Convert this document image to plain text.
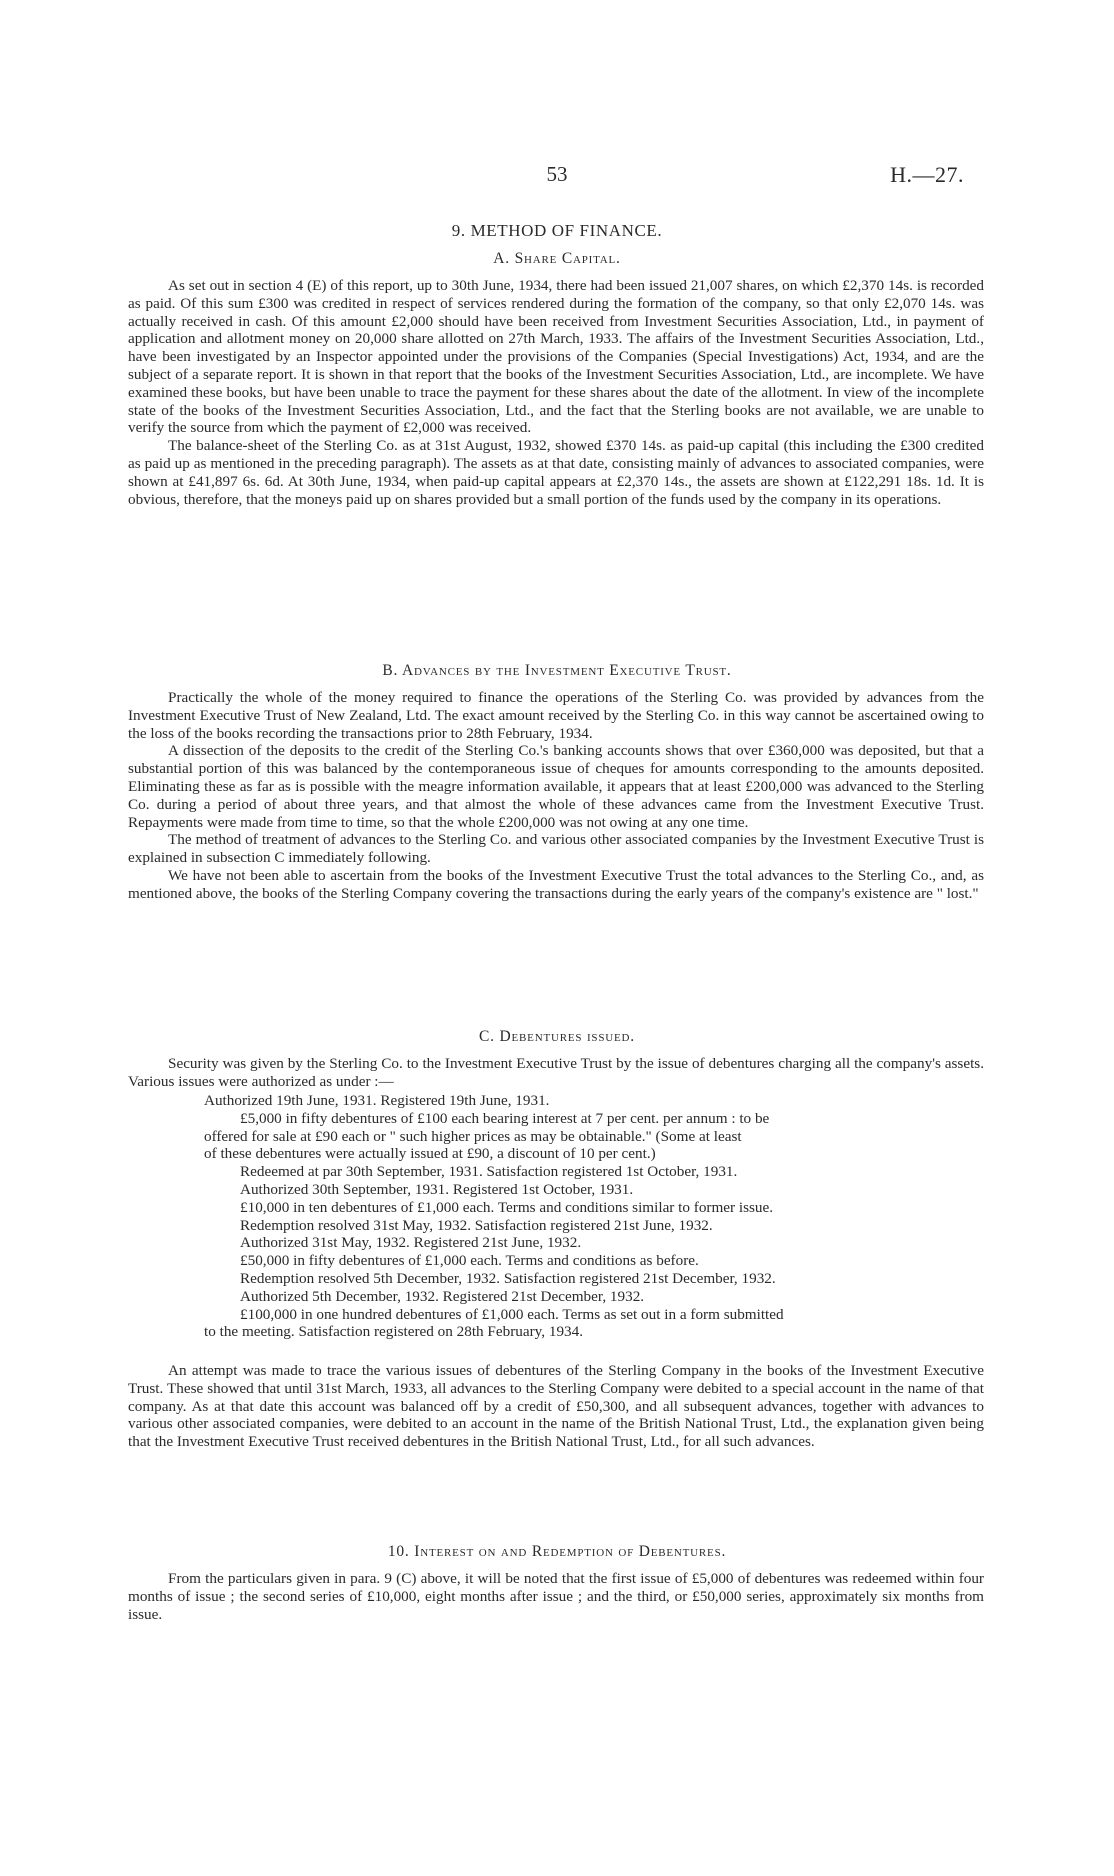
53	H.—27.
9. METHOD OF FINANCE.
A. Share Capital.

As set out in section 4 (E) of this report, up to 30th June, 1934, there had been issued 21,007 shares, on which £2,370 14s. is recorded as paid. Of this sum £300 was credited in respect of services rendered during the formation of the company, so that only £2,070 14s. was actually received in cash. Of this amount £2,000 should have been received from Investment Securities Association, Ltd., in payment of application and allotment money on 20,000 share allotted on 27th March, 1933. The affairs of the Investment Securities Association, Ltd., have been investigated by an Inspector appointed under the provisions of the Companies (Special Investigations) Act, 1934, and are the subject of a separate report. It is shown in that report that the books of the Investment Securities Association, Ltd., are incomplete. We have examined these books, but have been unable to trace the payment for these shares about the date of the allotment. In view of the incomplete state of the books of the Investment Securities Association, Ltd., and the fact that the Sterling books are not available, we are unable to verify the source from which the payment of £2,000 was received.

The balance-sheet of the Sterling Co. as at 31st August, 1932, showed £370 14s. as paid-up capital (this including the £300 credited as paid up as mentioned in the preceding paragraph). The assets as at that date, consisting mainly of advances to associated companies, were shown at £41,897 6s. 6d. At 30th June, 1934, when paid-up capital appears at £2,370 14s., the assets are shown at £122,291 18s. 1d. It is obvious, therefore, that the moneys paid up on shares provided but a small portion of the funds used by the company in its operations.

B. Advances by the Investment Executive Trust.

Practically the whole of the money required to finance the operations of the Sterling Co. was provided by advances from the Investment Executive Trust of New Zealand, Ltd. The exact amount received by the Sterling Co. in this way cannot be ascertained owing to the loss of the books recording the transactions prior to 28th February, 1934.

A dissection of the deposits to the credit of the Sterling Co.'s banking accounts shows that over £360,000 was deposited, but that a substantial portion of this was balanced by the contemporaneous issue of cheques for amounts corresponding to the amounts deposited. Eliminating these as far as is possible with the meagre information available, it appears that at least £200,000 was advanced to the Sterling Co. during a period of about three years, and that almost the whole of these advances came from the Investment Executive Trust. Repayments were made from time to time, so that the whole £200,000 was not owing at any one time.

The method of treatment of advances to the Sterling Co. and various other associated companies by the Investment Executive Trust is explained in subsection C immediately following.

We have not been able to ascertain from the books of the Investment Executive Trust the total advances to the Sterling Co., and, as mentioned above, the books of the Sterling Company covering the transactions during the early years of the company's existence are " lost."

C. Debentures issued.

Security was given by the Sterling Co. to the Investment Executive Trust by the issue of debentures charging all the company's assets. Various issues were authorized as under :—

Authorized 19th June, 1931. Registered 19th June, 1931.

£5,000 in fifty debentures of £100 each bearing interest at 7 per cent. per annum : to be

offered for sale at £90 each or " such higher prices as may be obtainable." (Some at least

of these debentures were actually issued at £90, a discount of 10 per cent.)

Redeemed at par 30th September, 1931. Satisfaction registered 1st October, 1931.

Authorized 30th September, 1931. Registered 1st October, 1931.

£10,000 in ten debentures of £1,000 each. Terms and conditions similar to former issue.

Redemption resolved 31st May, 1932. Satisfaction registered 21st June, 1932.

Authorized 31st May, 1932. Registered 21st June, 1932.

£50,000 in fifty debentures of £1,000 each. Terms and conditions as before.

Redemption resolved 5th December, 1932. Satisfaction registered 21st December, 1932.

Authorized 5th December, 1932. Registered 21st December, 1932.

£100,000 in one hundred debentures of £1,000 each. Terms as set out in a form submitted

to the meeting. Satisfaction registered on 28th February, 1934.

An attempt was made to trace the various issues of debentures of the Sterling Company in the books of the Investment Executive Trust. These showed that until 31st March, 1933, all advances to the Sterling Company were debited to a special account in the name of that company. As at that date this account was balanced off by a credit of £50,300, and all subsequent advances, together with advances to various other associated companies, were debited to an account in the name of the British National Trust, Ltd., the explanation given being that the Investment Executive Trust received debentures in the British National Trust, Ltd., for all such advances.

10. Interest on and Redemption of Debentures.

From the particulars given in para. 9 (C) above, it will be noted that the first issue of £5,000 of debentures was redeemed within four months of issue ; the second series of £10,000, eight months after issue ; and the third, or £50,000 series, approximately six months from issue.
